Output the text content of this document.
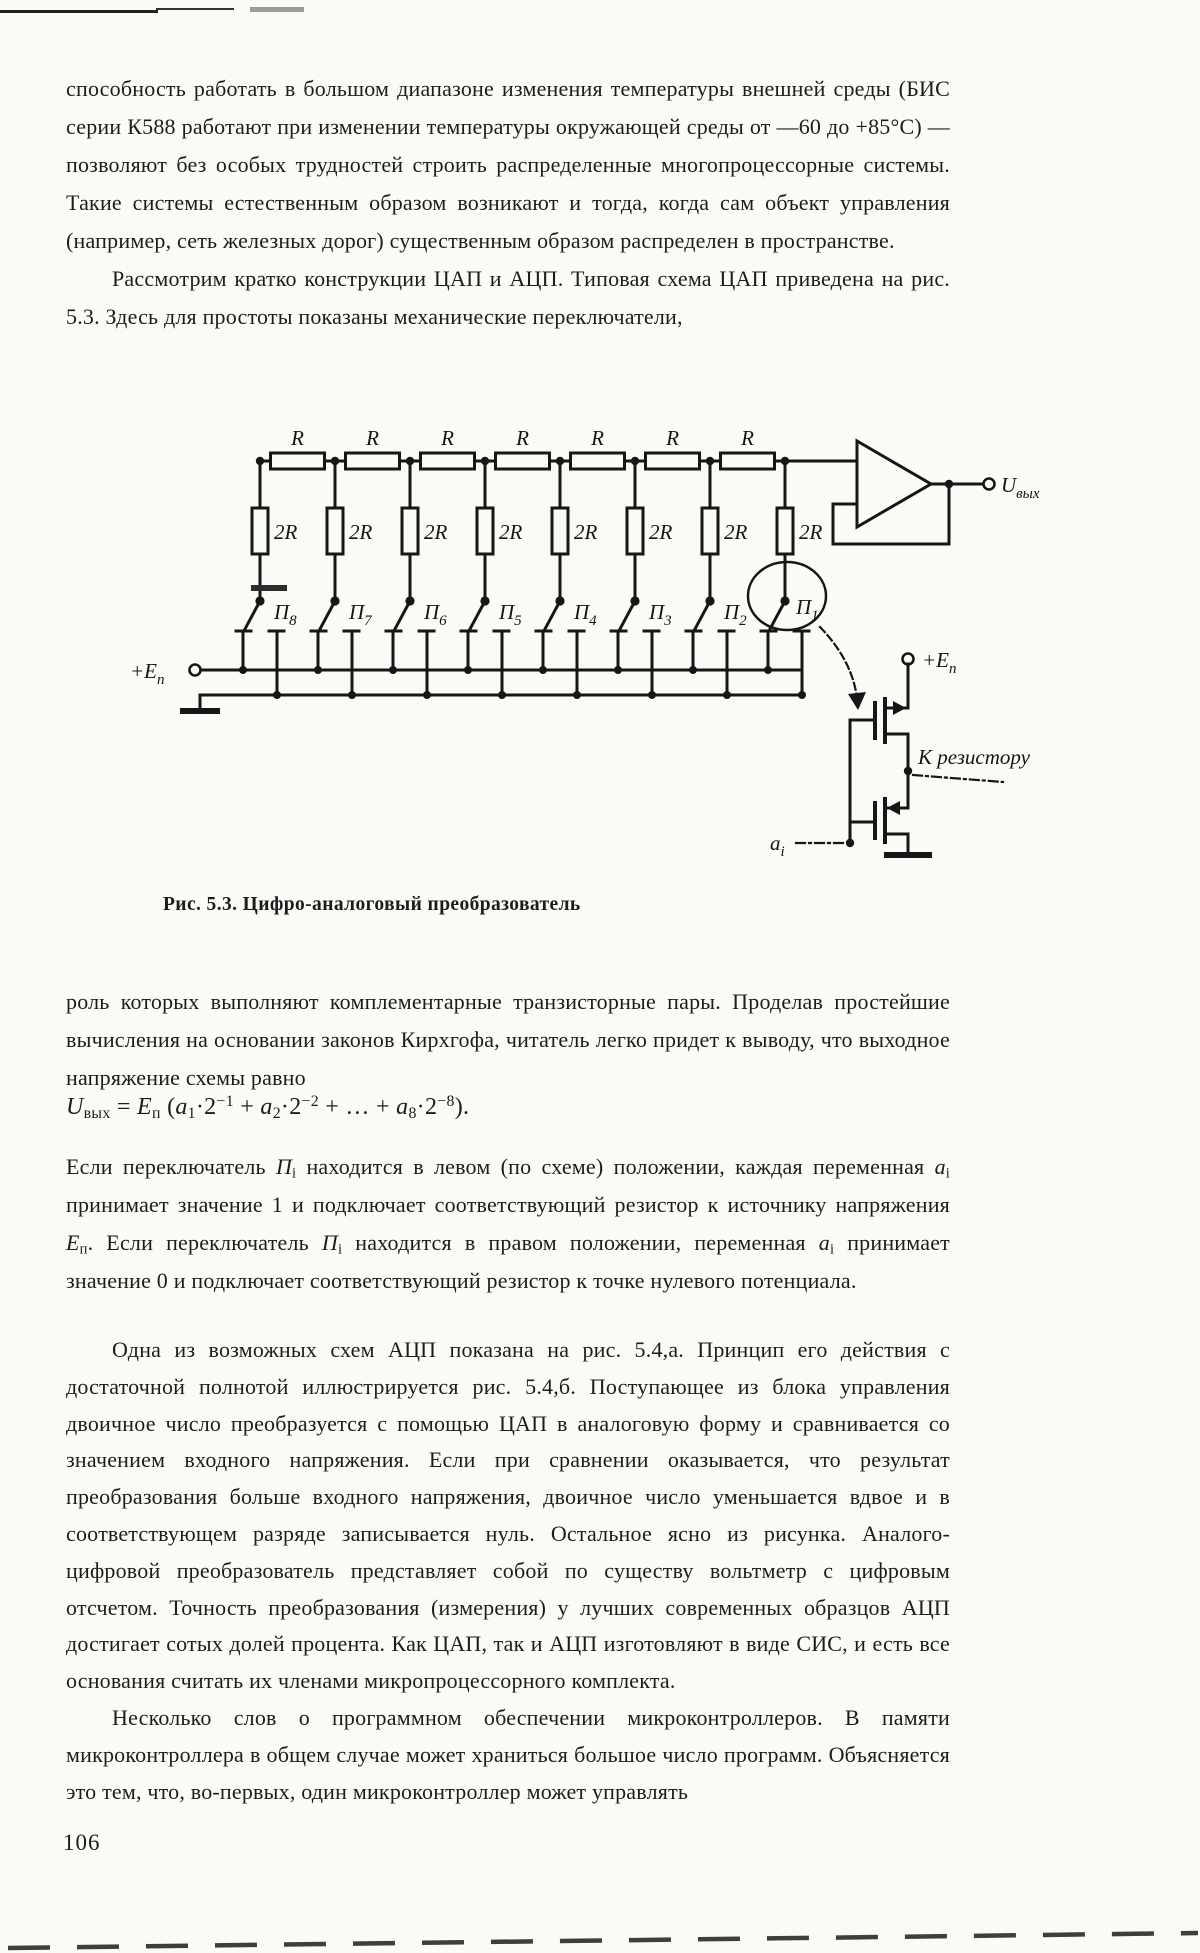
способность работать в большом диапазоне изменения температуры внешней среды (БИС серии К588 работают при изменении температуры окружающей среды от —60 до +85°С) — позволяют без особых трудностей строить распределенные многопроцессорные системы. Такие системы естественным образом возникают и тогда, когда сам объект управления (например, сеть железных дорог) существенным образом распределен в пространстве.

Рассмотрим кратко конструкции ЦАП и АЦП. Типовая схема ЦАП приведена на рис. 5.3. Здесь для простоты показаны механические переключатели,

R	R	R	R	R	R	R
2R 2R 2R 2R 2R 2R 2R 2R
$П_8$ $П_7$ $П_6$ $П_5$ $П_4$ $П_3$ $П_2$
$П_1$
$+E_п$
$U_{вых}$
$+E_п$
К резистору
$a_i$
Рис. 5.3. Цифро-аналоговый преобразователь

роль которых выполняют комплементарные транзисторные пары. Проделав простейшие вычисления на основании законов Кирхгофа, читатель легко придет к выводу, что выходное напряжение схемы равно

$U_{вых} = E_п$ ($a_1\cdot 2^{-1} + a_2\cdot 2^{-2}$ + … + $a_8\cdot 2^{-8}$).

Если переключатель $П_i$ находится в левом (по схеме) положении, каждая переменная $a_i$ принимает значение 1 и подключает соответствующий резистор к источнику напряжения $E_п$. Если переключатель $П_i$ находится в правом положении, переменная $a_i$ принимает значение 0 и подключает соответствующий резистор к точке нулевого потенциала.

Одна из возможных схем АЦП показана на рис. 5.4,а. Принцип его действия с достаточной полнотой иллюстрируется рис. 5.4,б. Поступающее из блока управления двоичное число преобразуется с помощью ЦАП в аналоговую форму и сравнивается со значением входного напряжения. Если при сравнении оказывается, что результат преобразования больше входного напряжения, двоичное число уменьшается вдвое и в соответствующем разряде записывается нуль. Остальное ясно из рисунка. Аналого-цифровой преобразователь представляет собой по существу вольтметр с цифровым отсчетом. Точность преобразования (измерения) у лучших современных образцов АЦП достигает сотых долей процента. Как ЦАП, так и АЦП изготовляют в виде СИС, и есть все основания считать их членами микропроцессорного комплекта.

Несколько слов о программном обеспечении микроконтроллеров. В памяти микроконтроллера в общем случае может храниться большое число программ. Объясняется это тем, что, во-первых, один микроконтроллер может управлять

106
